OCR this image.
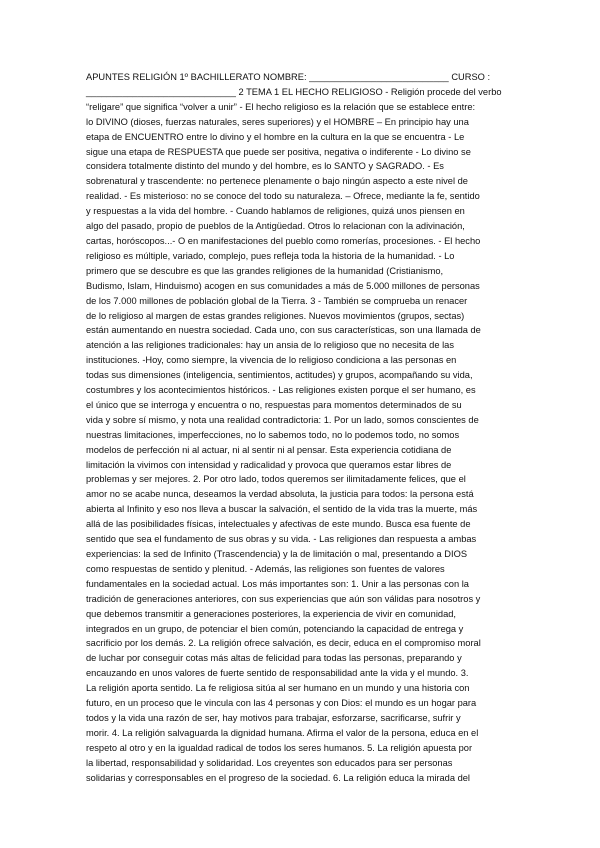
APUNTES RELIGIÓN 1º BACHILLERATO NOMBRE: ___________________________ CURSO :
_____________________________ 2 TEMA 1 EL HECHO RELIGIOSO - Religión procede del verbo
“religare” que significa “volver a unir” - El hecho religioso es la relación que se establece entre:
lo DIVINO (dioses, fuerzas naturales, seres superiores) y el HOMBRE – En principio hay una
etapa de ENCUENTRO entre lo divino y el hombre en la cultura en la que se encuentra - Le
sigue una etapa de RESPUESTA que puede ser positiva, negativa o indiferente - Lo divino se
considera totalmente distinto del mundo y del hombre, es lo SANTO y SAGRADO. - Es
sobrenatural y trascendente: no pertenece plenamente o bajo ningún aspecto a este nivel de
realidad. - Es misterioso: no se conoce del todo su naturaleza. – Ofrece, mediante la fe, sentido
y respuestas a la vida del hombre. - Cuando hablamos de religiones, quizá unos piensen en
algo del pasado, propio de pueblos de la Antigüedad. Otros lo relacionan con la adivinación,
cartas, horóscopos...- O en manifestaciones del pueblo como romerías, procesiones. - El hecho
religioso es múltiple, variado, complejo, pues refleja toda la historia de la humanidad. - Lo
primero que se descubre es que las grandes religiones de la humanidad (Cristianismo,
Budismo, Islam, Hinduismo) acogen en sus comunidades a más de 5.000 millones de personas
de los 7.000 millones de población global de la Tierra. 3 - También se comprueba un renacer
de lo religioso al margen de estas grandes religiones. Nuevos movimientos (grupos, sectas)
están aumentando en nuestra sociedad. Cada uno, con sus características, son una llamada de
atención a las religiones tradicionales: hay un ansia de lo religioso que no necesita de las
instituciones. -Hoy, como siempre, la vivencia de lo religioso condiciona a las personas en
todas sus dimensiones (inteligencia, sentimientos, actitudes) y grupos, acompañando su vida,
costumbres y los acontecimientos históricos. - Las religiones existen porque el ser humano, es
el único que se interroga y encuentra o no, respuestas para momentos determinados de su
vida y sobre sí mismo, y nota una realidad contradictoria: 1. Por un lado, somos conscientes de
nuestras limitaciones, imperfecciones, no lo sabemos todo, no lo podemos todo, no somos
modelos de perfección ni al actuar, ni al sentir ni al pensar. Esta experiencia cotidiana de
limitación la vivimos con intensidad y radicalidad y provoca que queramos estar libres de
problemas y ser mejores. 2. Por otro lado, todos queremos ser ilimitadamente felices, que el
amor no se acabe nunca, deseamos la verdad absoluta, la justicia para todos: la persona está
abierta al Infinito y eso nos lleva a buscar la salvación, el sentido de la vida tras la muerte, más
allá de las posibilidades físicas, intelectuales y afectivas de este mundo. Busca esa fuente de
sentido que sea el fundamento de sus obras y su vida. - Las religiones dan respuesta a ambas
experiencias: la sed de Infinito (Trascendencia) y la de limitación o mal, presentando a DIOS
como respuestas de sentido y plenitud. - Además, las religiones son fuentes de valores
fundamentales en la sociedad actual. Los más importantes son: 1. Unir a las personas con la
tradición de generaciones anteriores, con sus experiencias que aún son válidas para nosotros y
que debemos transmitir a generaciones posteriores, la experiencia de vivir en comunidad,
integrados en un grupo, de potenciar el bien común, potenciando la capacidad de entrega y
sacrificio por los demás. 2. La religión ofrece salvación, es decir, educa en el compromiso moral
de luchar por conseguir cotas más altas de felicidad para todas las personas, preparando y
encauzando en unos valores de fuerte sentido de responsabilidad ante la vida y el mundo. 3.
La religión aporta sentido. La fe religiosa sitúa al ser humano en un mundo y una historia con
futuro, en un proceso que le vincula con las 4 personas y con Dios: el mundo es un hogar para
todos y la vida una razón de ser, hay motivos para trabajar, esforzarse, sacrificarse, sufrir y
morir. 4. La religión salvaguarda la dignidad humana. Afirma el valor de la persona, educa en el
respeto al otro y en la igualdad radical de todos los seres humanos. 5. La religión apuesta por
la libertad, responsabilidad y solidaridad. Los creyentes son educados para ser personas
solidarias y corresponsables en el progreso de la sociedad. 6. La religión educa la mirada del
